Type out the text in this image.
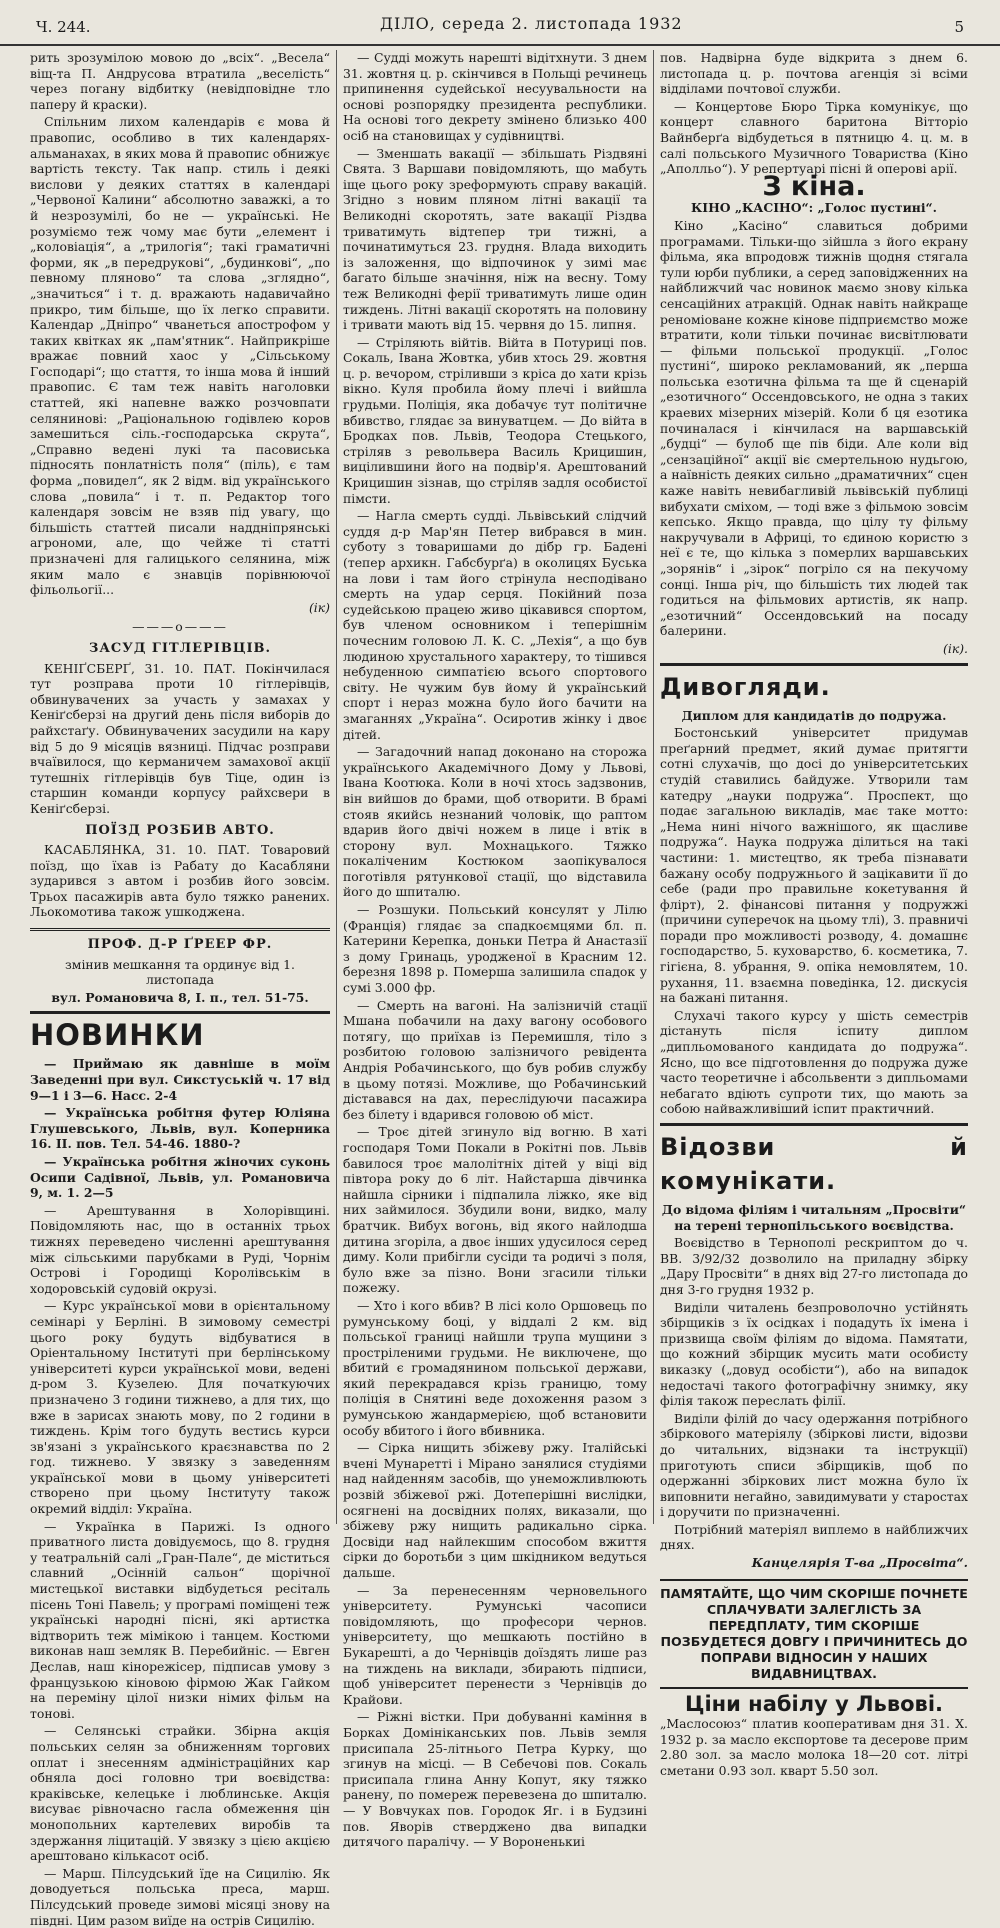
Ч. 244.	ДІЛО, середа 2. листопада 1932	5

рить зрозумілою мовою до „всіх“. „Весела“ віщ-та П. Андрусова втратила „веселість“ через погану відбитку (невідповідне тло паперу й краски).

Спільним лихом календарів є мова й правопис, особливо в тих календарях-альманахах, в яких мова й правопис обнижує вартість тексту. Так напр. стиль і деякі вислови у деяких статтях в календарі „Червоної Калини“ абсолютно заважкі, а то й незрозумілі, бо не — українські. Не розуміємо теж чому має бути „елемент і „коловіація“, а „трилогія“; такі граматичні форми, як „в передрукові“, „будинкові“, „по певному пляново“ та слова „зглядно“, „значиться“ і т. д. вражають надавичайно прикро, тим більше, що їх легко справити. Календар „Дніпро“ чванеться апострофом у таких квітках як „пам'ятник“. Найприкріше вражає повний хаос у „Сільському Господарі“; що стаття, то інша мова й інший правопис. Є там теж навіть наголовки статтей, які напевне важко розчовпати селянинові: „Раціональною годівлею коров замешиться сіль.-господарська скрута“, „Справно ведені лукі та пасовиська підносять понлатність поля“ (піль), є там форма „повидел“, як 2 відм. від українського слова „повила“ і т. п. Редактор того календаря зовсім не взяв під увагу, що більшість статтей писали наддніпрянські агрономи, але, що чейже ті статті призначені для галицького селянина, між яким мало є знавців порівнюючої фільольогії...

(ік)

———o———
ЗАСУД ГІТЛЕРІВЦІВ.

КЕНІҐСБЕРҐ, 31. 10. ПАТ. Покінчилася тут розправа проти 10 гітлерівців, обвинувачених за участь у замахах у Кеніґсберзі на другий день після виборів до райхстаґу. Обвинувачених засудили на кару від 5 до 9 місяців вязниці. Підчас розправи вчаївилося, що керманичем замахової акції тутешніх гітлерівців був Тіце, один із старшин команди корпусу райхсвери в Кеніґсберзі.

ПОЇЗД РОЗБИВ АВТО.

КАСАБЛЯНКА, 31. 10. ПАТ. Товаровий поїзд, що їхав із Рабату до Касабляни зударився з автом і розбив його зовсім. Трьох пасажирів авта було тяжко ранених. Льокомотива також ушкоджена.

ПРОФ. Д-Р ҐРЕЕР ФР.

змінив мешкання та ординує від 1. листопада

вул. Романовича 8, І. п., тел. 51-75.

НОВИНКИ

— Приймаю як давніше в моїм Заведенні при вул. Сикстуській ч. 17 від 9—1 і 3—6. Насс. 2-4

— Українська робітня футер Юліяна Глушевського, Львів, вул. Коперника 16. ІІ. пов. Тел. 54-46. 1880-?

— Українська робітня жіночих суконь Осипи Садівної, Львів, ул. Романовича 9, м. 1. 2—5

— Арештування в Холорівщині. Повідомляють нас, що в останніх трьох тижнях переведено численні арештування між сільськими парубками в Руді, Чорнім Острові і Городищі Королівськім в ходоровській судовій окрузі.

— Курс української мови в орієнтальному семінарі у Берліні. В зимовому семестрі цього року будуть відбуватися в Оріентальному Інституті при берлінському університеті курси української мови, ведені д-ром З. Кузелею. Для початкуючих призначено 3 години тижнево, а для тих, що вже в зарисах знають мову, по 2 години в тиждень. Крім того будуть вестись курси зв'язані з українського краєзнавства по 2 год. тижнево. У звязку з заведенням української мови в цьому університеті створено при цьому Інституту також окремий відділ: Україна.

— Українка в Парижі. Із одного приватного листа довідуємось, що 8. грудня у театральній салі „Гран-Пале“, де міститься славний „Осінній сальон“ щорічної мистецької виставки відбудеться реcітaль пісень Тоні Павель; у програмі поміщені теж українські народні пісні, які артистка відтворить теж мімікою і танцем. Костюми виконав наш земляк В. Перебийніс. — Евген Деслав, наш кінорежісер, підписав умову з французькою кіновою фірмою Жак Гайком на переміну цілої низки німих фільм на тонові.

— Селянські страйки. Збірна акція польських селян за обниженням торгових оплат і знесенням адміністраційних кар обняла досі головно три воєвідства: краківське, келецьке і люблинське. Акція висуває рівночасно гасла обмеження цін монопольних картелевих виробів та здержання ліцитацій. У звязку з цією акцією арештовано кількасот осіб.

— Марш. Пілсудський їде на Сицилію. Як доводуеться польська преса, марш. Пілсудський проведе зимові місяці знову на півдні. Цим разом виїде на острів Сицилію.

— Судді можуть нарешті відітхнути. З днем 31. жовтня ц. р. скінчився в Польщі речинець припинення судейської несуувальности на основі розпорядку президента республики. На основі того декрету змінено близько 400 осіб на становищах у судівництві.

— Зменшать вакації — збільшать Різдвяні Свята. З Варшави повідомляють, що мабуть іще цього року зреформують справу вакацій. Згідно з новим пляном літні вакації та Великодні скоротять, зате вакації Різдва триватимуть відтепер три тижні, а починатимуться 23. грудня. Влада виходить із заложення, що відпочинок у зимі має багато більше значіння, ніж на весну. Тому теж Великодні ферії триватимуть лише один тиждень. Літні вакації скоротять на половину і тривати мають від 15. червня до 15. липня.

— Стріляють війтів. Війта в Потуриці пов. Сокаль, Івана Жовтка, убив хтось 29. жовтня ц. р. вечором, стріливши з кріса до хати крізь вікно. Куля пробила йому плечі і вийшла грудьми. Поліція, яка добачує тут політичне вбивство, глядає за винуватцем. — До війта в Бродках пов. Львів, Теодора Стецького, стріляв з револьвера Василь Крицишин, вицілившини його на подвір'я. Арештований Крицишин зізнав, що стріляв задля особистої пімсти.

— Наглa смерть судді. Львівський слідчий суддя д-р Мар'ян Петер вибрався в мин. суботу з товаришами до дібр гр. Бадені (тепер архикн. Габсбурґа) в околицях Буська на лови і там його стрінула несподівано смерть на удар серця. Покійний поза судейською працею живо цікавився спортом, був членом основником і теперішнім почесним головою Л. К. С. „Лехія“, а що був людиною хрустального характеру, то тішився небуденною симпатією всього спортового світу. Не чужим був йому й український спорт і нераз можна було його бачити на змаганнях „Україна“. Осиротив жінку і двоє дітей.

— Загадочний напад доконано на сторожа українського Академічного Дому у Львові, Івана Коотюка. Коли в ночі хтось задзвонив, він вийшов до брами, щоб отворити. В брамі стояв якийсь незнаний чоловік, що раптом вдарив його двічі ножем в лице і втік в сторону вул. Мохнацького. Тяжко покаліченим Костюком заопікувалося поготівля рятункової стації, що відставила його до шпиталю.

— Розшуки. Польський консулят у Лілю (Франція) глядає за спадкоємцями бл. п. Катерини Керепка, доньки Петра й Анастазії з дому Гринаць, уродженої в Красним 12. березня 1898 р. Померша залишила спадок у сумі 3.000 фр.

— Смерть на вагоні. На залізничій стації Мшана побачили на даху вагону особового потягу, що приїхав із Перемишля, тіло з розбитою головою залізничого ревідента Андрія Робачинського, що був робив службу в цьому потязі. Можливе, що Робачинський діставався на дах, переслідуючи пасажира без білету і вдарився головою об міст.

— Троє дітей згинуло від вогню. В хаті господаря Томи Покали в Рокітні пов. Львів бавилося троє малолітніх дітей у віці від півтора року до 6 літ. Найстарша дівчинка найшла сірники і підпалила ліжко, яке від них займилося. Збудили вони, видко, малу братчик. Вибух вогонь, від якого найлодша дитина згоріла, а двоє інших удусилося серед диму. Коли прибігли сусіди та родичі з поля, було вже за пізно. Вони згасили тільки пожежу.

— Хто і кого вбив? В лісі коло Оршовець по румунському боці, у віддалі 2 км. від польської границі найшли трупа мущини з простріленими грудьми. Не виключене, що вбитий є громадянином польської держави, який перекрадався крізь границю, тому поліція в Снятині веде дохоження разом з румунською жандармерією, щоб встановити особу вбитого і його вбивника.

— Сірка нищить збіжеву ржу. Італійські вчені Мунаретті і Мірано занялися студіями над найденням засобів, що унеможливлюють розвій збіжевої ржі. Дотеперішні вислідки, осягнені на досвідних полях, виказали, що збіжеву ржу нищить радикально сірка. Досвіди над найлекшим способом вжиття сірки до боротьби з цим шкідником ведуться дальше.

— За перенесенням черновельного університету. Румунські часописи повідомляють, що професори чернов. університету, що мешкають постійно в Букарешті, а до Чернівців доїздять лише раз на тиждень на виклади, збирають підписи, щоб університет перенести з Чернівців до Крайови.

— Ріжні вістки. При добуванні каміння в Борках Домініканських пов. Львів земля присипала 25-літнього Петра Курку, що згинув на місці. — В Себечові пов. Сокаль присипала глина Анну Копут, яку тяжко ранену, по помереж перевезена до шпиталю. — У Вовчуках пов. Городок Яг. і в Будзині пов. Яворів стверджено два випадки дитячого паралічу. — У Вороненькиі

пов. Надвірна буде відкрита з днем 6. листопада ц. р. почтова агенція зі всіми відділами почтової служби.

— Концертове Бюро Тірка комунікує, що концерт славного баритона Вітторіо Вайнберґа відбудеться в пятницю 4. ц. м. в салі польського Музичного Товариства (Кіно „Аполльо“). У репертуарі пісні й оперові арії.

З кіна.

КІНО „КАСІНО“: „Голос пустині“.

Кіно „Касіно“ славиться добрими програмами. Тільки-що зійшла з його екрану фільма, яка впродовж тижнів щодня стягала тули юрби публики, а серед заповідженних на найближчий час новинок маємо знову кілька сенсаційних атракцій. Однак навіть найкраще реноміоване кожне кінове підприємство може втратити, коли тільки починає висвітлювати — фільми польської продукції. „Голос пустині“, широко рекламований, як „перша польська езотична фільма та ще й сценарій „езотичного“ Оссендовського, не одна з таких краевих мізерних мізерій. Коли б ця езотика починалася і кінчилася на варшавській „будці“ — булоб ще пів біди. Але коли від „сензаційної“ акції віє смертельною нудьгою, а наївність деяких сильно „драматичних“ сцен каже навіть невибагливій львівській публиці вибухати сміхом, — тоді вже з фільмою зовсім кепсько. Якщо правда, що цілу ту фільму накручували в Африці, то єдиною користю з неї є те, що кілька з померлих варшавських „зорянів“ і „зірок“ погріло ся на пекучому сонці. Інша річ, що більшість тих людей так годиться на фільмових артистів, як напр. „езотичний“ Оссендовський на посаду балерини.

(ік).

Дивогляди.

Диплом для кандидатів до подружа.

Бостонський університет придумав преґарний предмет, який думає притягти сотні слухачів, що досі до університетських студій ставились байдуже. Утворили там катедру „науки подружа“. Проспект, що подає загальною викладів, має таке мотто: „Нема нині нічого важнішого, як щасливе подружа“. Наука подружа ділиться на такі частини: 1. мистецтво, як треба пізнавати бажану особу подружнього й зацікавити її до себе (ради про правильне кокетування й фліpт), 2. фінансові питання у подружжі (причини суперечок на цьому тлі), 3. правничі поради про можливості розводу, 4. домашнє господарство, 5. куховарство, 6. косметика, 7. гігієна, 8. убрання, 9. опіка немовлятем, 10. рухання, 11. взаємна поведінка, 12. дискусія на бажані питання.

Слухачі такого курсу у шість семестрів дістануть після іспиту диплом „дипльомованого кандидата до подружа“. Ясно, що все підготовлення до подружа дуже часто теоретичне і абсольвенти з дипльомами небагато вдіють супроти тих, що мають за собою найважливіший іспит практичний.

Відозви й комунікати.

До відома філіям і читальням „Просвіти“ на терені тернопільського воєвідства.

Воєвідство в Тернополі рескриптом до ч. ВВ. 3/92/32 дозволило на приладну збірку „Дару Просвіти“ в днях від 27-го листопада до дня 3-го грудня 1932 р.

Виділи читалень безпроволочно устійнять збірщиків з їх осідках і подадуть їх імена і призвища своїм філіям до відома. Памятати, що кожний збірщик мусить мати особисту виказку („довуд особісти“), або на випадок недостачі такого фотографічну знимку, яку філія також переслать філії.

Виділи філій до часу одержання потрібного збіркового матеріялу (збіркові листи, відозви до читальних, відзнаки та інструкції) приготують списи збірщиків, щоб по одержанні збіркових лист можна було їх виповнити негайно, завидимувати у старостах і доручити по призначенні.

Потрібний матеріял виплемо в найближчих днях.

Канцелярія Т-ва „Просвіта“.

ПАМЯТАЙТЕ, ЩО ЧИМ СКОРІШЕ ПОЧНЕТЕ СПЛАЧУВАТИ ЗАЛЕГЛІСТЬ ЗА ПЕРЕДПЛАТУ, ТИМ СКОРІШЕ ПОЗБУДЕТЕСЯ ДОВГУ І ПРИЧИНИТЕСЬ ДО ПОПРАВИ ВІДНОСИН У НАШИХ ВИДАВНИЦТВАХ.
Ціни набілу у Львові.

„Маслосоюз“ платив кооперативам дня 31. Х. 1932 р. за масло експортове та десерове прим 2.80 зол. за масло молока 18—20 сот. літрі сметани 0.93 зол. кварт 5.50 зол.
